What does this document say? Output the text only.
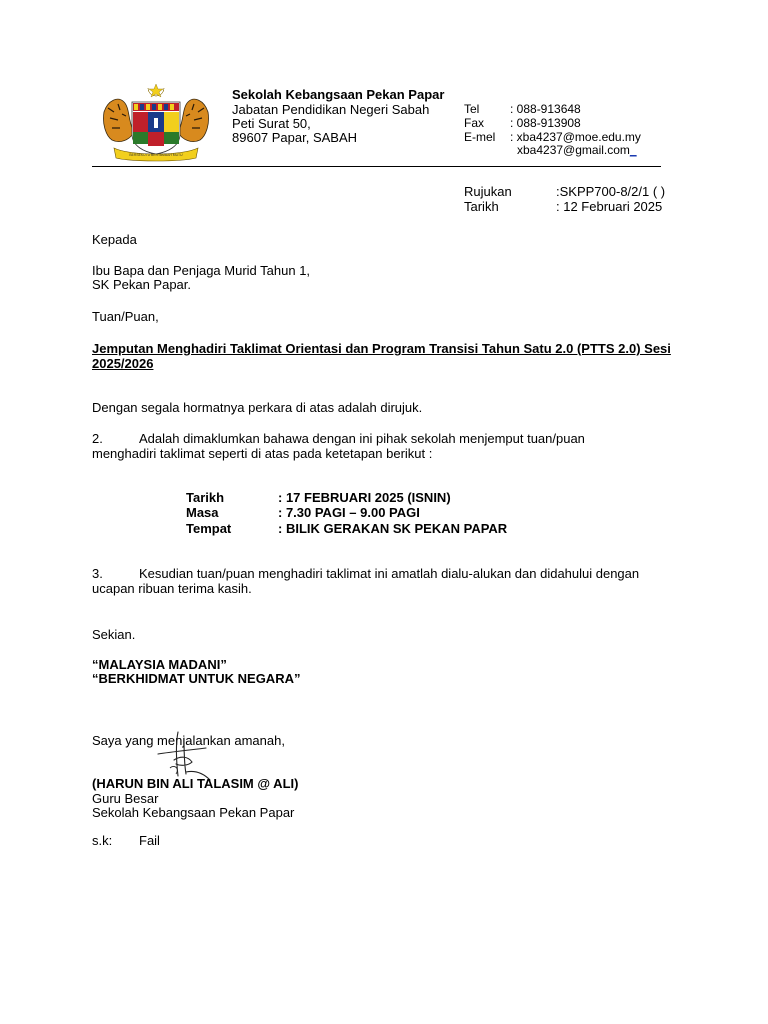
BERSEKUTU BERTAMBAH MUTU
Sekolah Kebangsaan Pekan Papar
Jabatan Pendidikan Negeri Sabah
Peti Surat 50,
89607 Papar, SABAH
Tel	: 088-913648
Fax : 088-913908
E-mel : xba4237@moe.edu.my
xba4237@gmail.com_
Rujukan	:SKPP700-8/2/1 ( )
Tarikh	: 12 Februari 2025
Kepada
Ibu Bapa dan Penjaga Murid Tahun 1,
SK Pekan Papar.
Tuan/Puan,
Jemputan Menghadiri Taklimat Orientasi dan Program Transisi Tahun Satu 2.0 (PTTS 2.0) Sesi 2025/2026
Dengan segala hormatnya perkara di atas adalah dirujuk.
2.	Adalah dimaklumkan bahawa dengan ini pihak sekolah menjemput tuan/puan menghadiri taklimat seperti di atas pada ketetapan berikut :
Tarikh	: 17 FEBRUARI 2025 (ISNIN)
Masa	: 7.30 PAGI – 9.00 PAGI
Tempat	: BILIK GERAKAN SK PEKAN PAPAR
3.	Kesudian tuan/puan menghadiri taklimat ini amatlah dialu-alukan dan didahului dengan ucapan ribuan terima kasih.
Sekian.
“MALAYSIA MADANI”
“BERKHIDMAT UNTUK NEGARA”
Saya yang menjalankan amanah,
(HARUN BIN ALI TALASIM @ ALI)
Guru Besar
Sekolah Kebangsaan Pekan Papar
s.k: Fail
